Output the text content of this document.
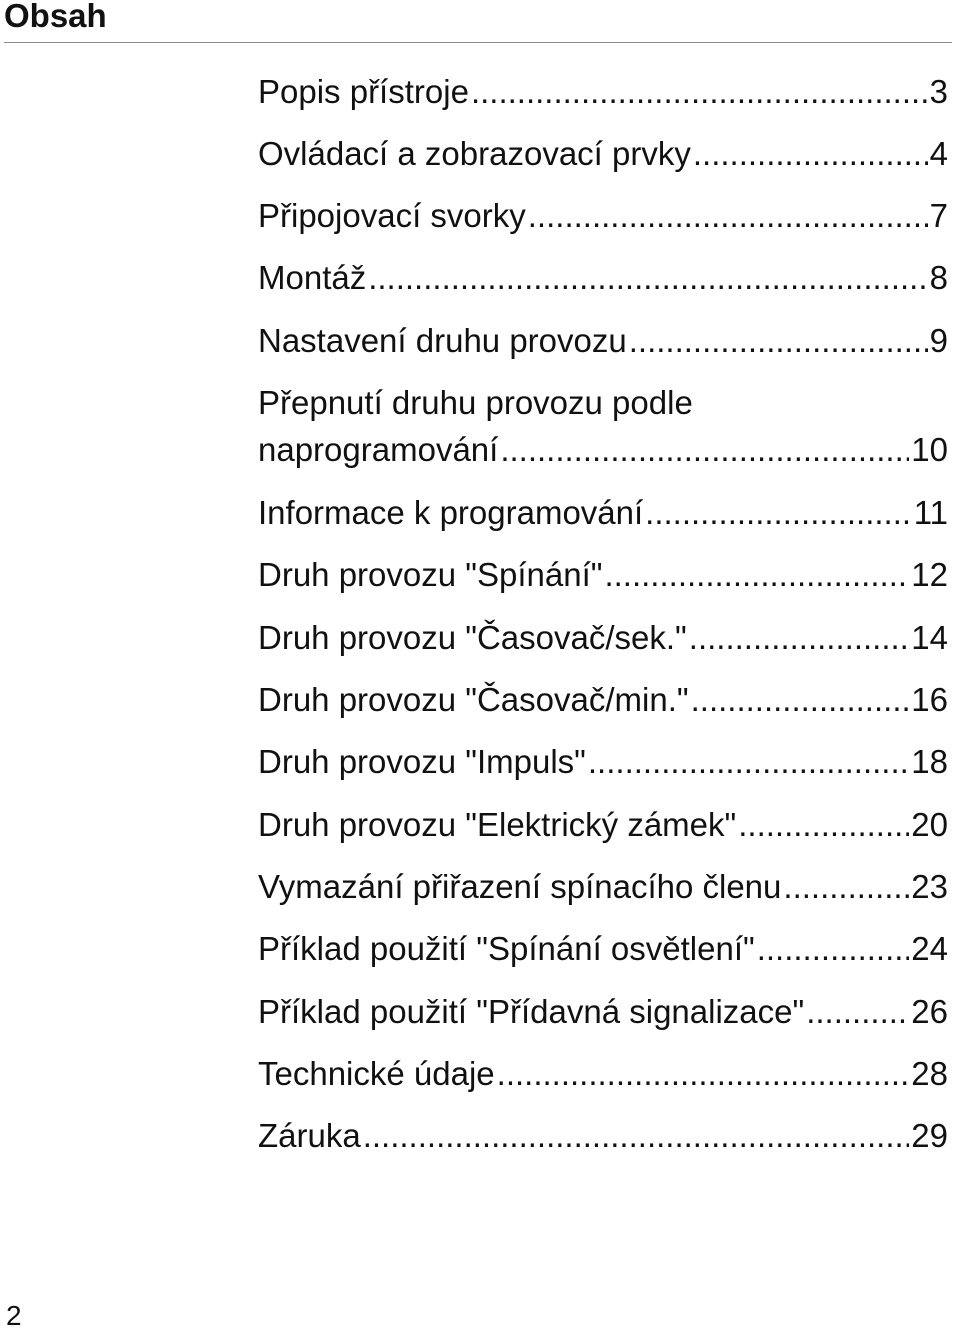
Obsah
Popis přístroje .....	3
Ovládací a zobrazovací prvky .....	4
Připojovací svorky .....	7
Montáž .....	8
Nastavení druhu provozu .....	9
Přepnutí druhu provozu podle
naprogramování .....	10
Informace k programování .....	11
Druh provozu "Spínání" .....	12
Druh provozu "Časovač/sek." .....	14
Druh provozu "Časovač/min." .....	16
Druh provozu "Impuls" .....	18
Druh provozu "Elektrický zámek" .....	20
Vymazání přiřazení spínacího členu .....	23
Příklad použití "Spínání osvětlení" .....	24
Příklad použití "Přídavná signalizace" .....	26
Technické údaje .....	28
Záruka .....	29
2
